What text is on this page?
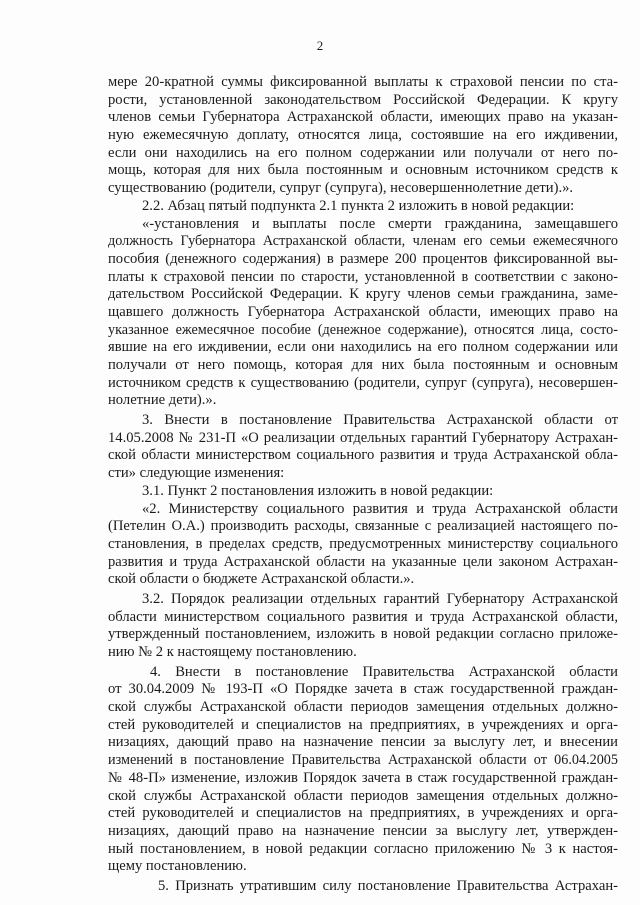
2

мере 20-кратной суммы фиксированной выплаты к страховой пенсии по ста-

рости, установленной законодательством Российской Федерации. К кругу

членов семьи Губернатора Астраханской области, имеющих право на указан-

ную ежемесячную доплату, относятся лица, состоявшие на его иждивении,

если они находились на его полном содержании или получали от него по-

мощь, которая для них была постоянным и основным источником средств к

существованию (родители, супруг (супруга), несовершеннолетние дети).».

2.2. Абзац пятый подпункта 2.1 пункта 2 изложить в новой редакции:

«-установления и выплаты после смерти гражданина, замещавшего

должность Губернатора Астраханской области, членам его семьи ежемесячного

пособия (денежного содержания) в размере 200 процентов фиксированной вы-

платы к страховой пенсии по старости, установленной в соответствии с законо-

дательством Российской Федерации. К кругу членов семьи гражданина, заме-

щавшего должность Губернатора Астраханской области, имеющих право на

указанное ежемесячное пособие (денежное содержание), относятся лица, состо-

явшие на его иждивении, если они находились на его полном содержании или

получали от него помощь, которая для них была постоянным и основным

источником средств к существованию (родители, супруг (супруга), несовершен-

нолетние дети).».

3. Внести в постановление Правительства Астраханской области от

14.05.2008 № 231-П «О реализации отдельных гарантий Губернатору Астрахан-

ской области министерством социального развития и труда Астраханской обла-

сти» следующие изменения:

3.1. Пункт 2 постановления изложить в новой редакции:

«2. Министерству социального развития и труда Астраханской области

(Петелин О.А.) производить расходы, связанные с реализацией настоящего по-

становления, в пределах средств, предусмотренных министерству социального

развития и труда Астраханской области на указанные цели законом Астрахан-

ской области о бюджете Астраханской области.».

3.2. Порядок реализации отдельных гарантий Губернатору Астраханской

области министерством социального развития и труда Астраханской области,

утвержденный постановлением, изложить в новой редакции согласно приложе-

нию № 2 к настоящему постановлению.

4. Внести в постановление Правительства Астраханской области

от 30.04.2009 № 193-П «О Порядке зачета в стаж государственной граждан-

ской службы Астраханской области периодов замещения отдельных должно-

стей руководителей и специалистов на предприятиях, в учреждениях и орга-

низациях, дающий право на назначение пенсии за выслугу лет, и внесении

изменений в постановление Правительства Астраханской области от 06.04.2005

№ 48-П» изменение, изложив Порядок зачета в стаж государственной граждан-

ской службы Астраханской области периодов замещения отдельных должно-

стей руководителей и специалистов на предприятиях, в учреждениях и орга-

низациях, дающий право на назначение пенсии за выслугу лет, утвержден-

ный постановлением, в новой редакции согласно приложению № 3 к настоя-

щему постановлению.

5. Признать утратившим силу постановление Правительства Астрахан-
